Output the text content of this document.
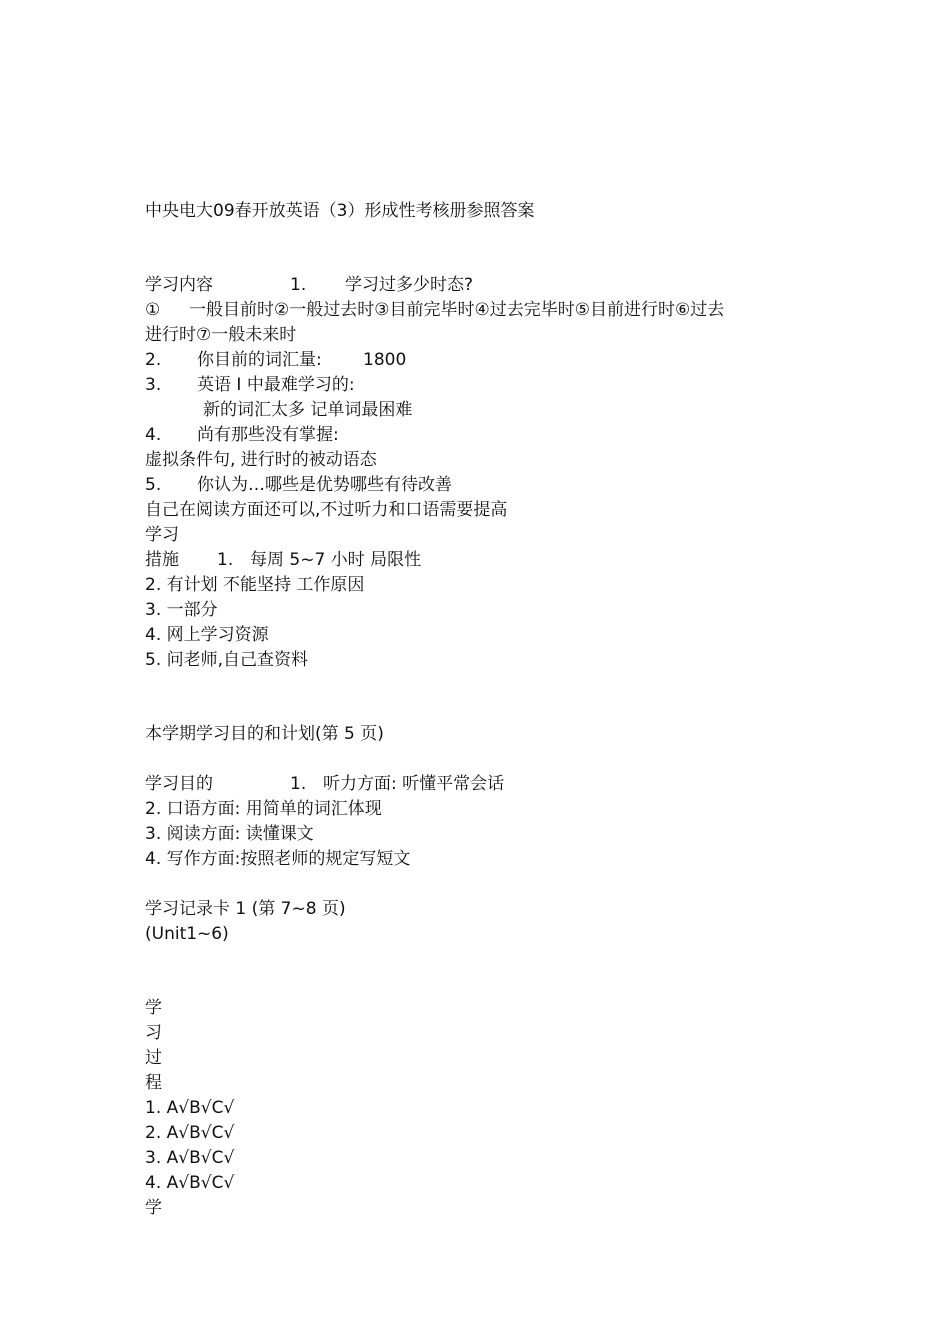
中央电大09春开放英语（3）形成性考核册参照答案

学习内容	1. 学习过多少时态?
① 一般目前时②一般过去时③目前完毕时④过去完毕时⑤目前进行时⑥过去

进行时⑦一般未来时

2. 你目前的词汇量: 1800
3. 英语 I 中最难学习的:

新的词汇太多 记单词最困难

4. 尚有那些没有掌握:

虚拟条件句, 进行时的被动语态

5. 你认为…哪些是优势哪些有待改善

自己在阅读方面还可以,不过听力和口语需要提高

学习

措施 1. 每周 5~7 小时 局限性

2. 有计划 不能坚持 工作原因

3. 一部分

4. 网上学习资源

5. 问老师,自己查资料

本学期学习目的和计划(第 5 页)

学习目的	1. 听力方面: 听懂平常会话

2. 口语方面: 用简单的词汇体现

3. 阅读方面: 读懂课文

4. 写作方面:按照老师的规定写短文

学习记录卡 1 (第 7~8 页)

(Unit1~6)

学

习

过

程

1. A√B√C√

2. A√B√C√

3. A√B√C√

4. A√B√C√

学
